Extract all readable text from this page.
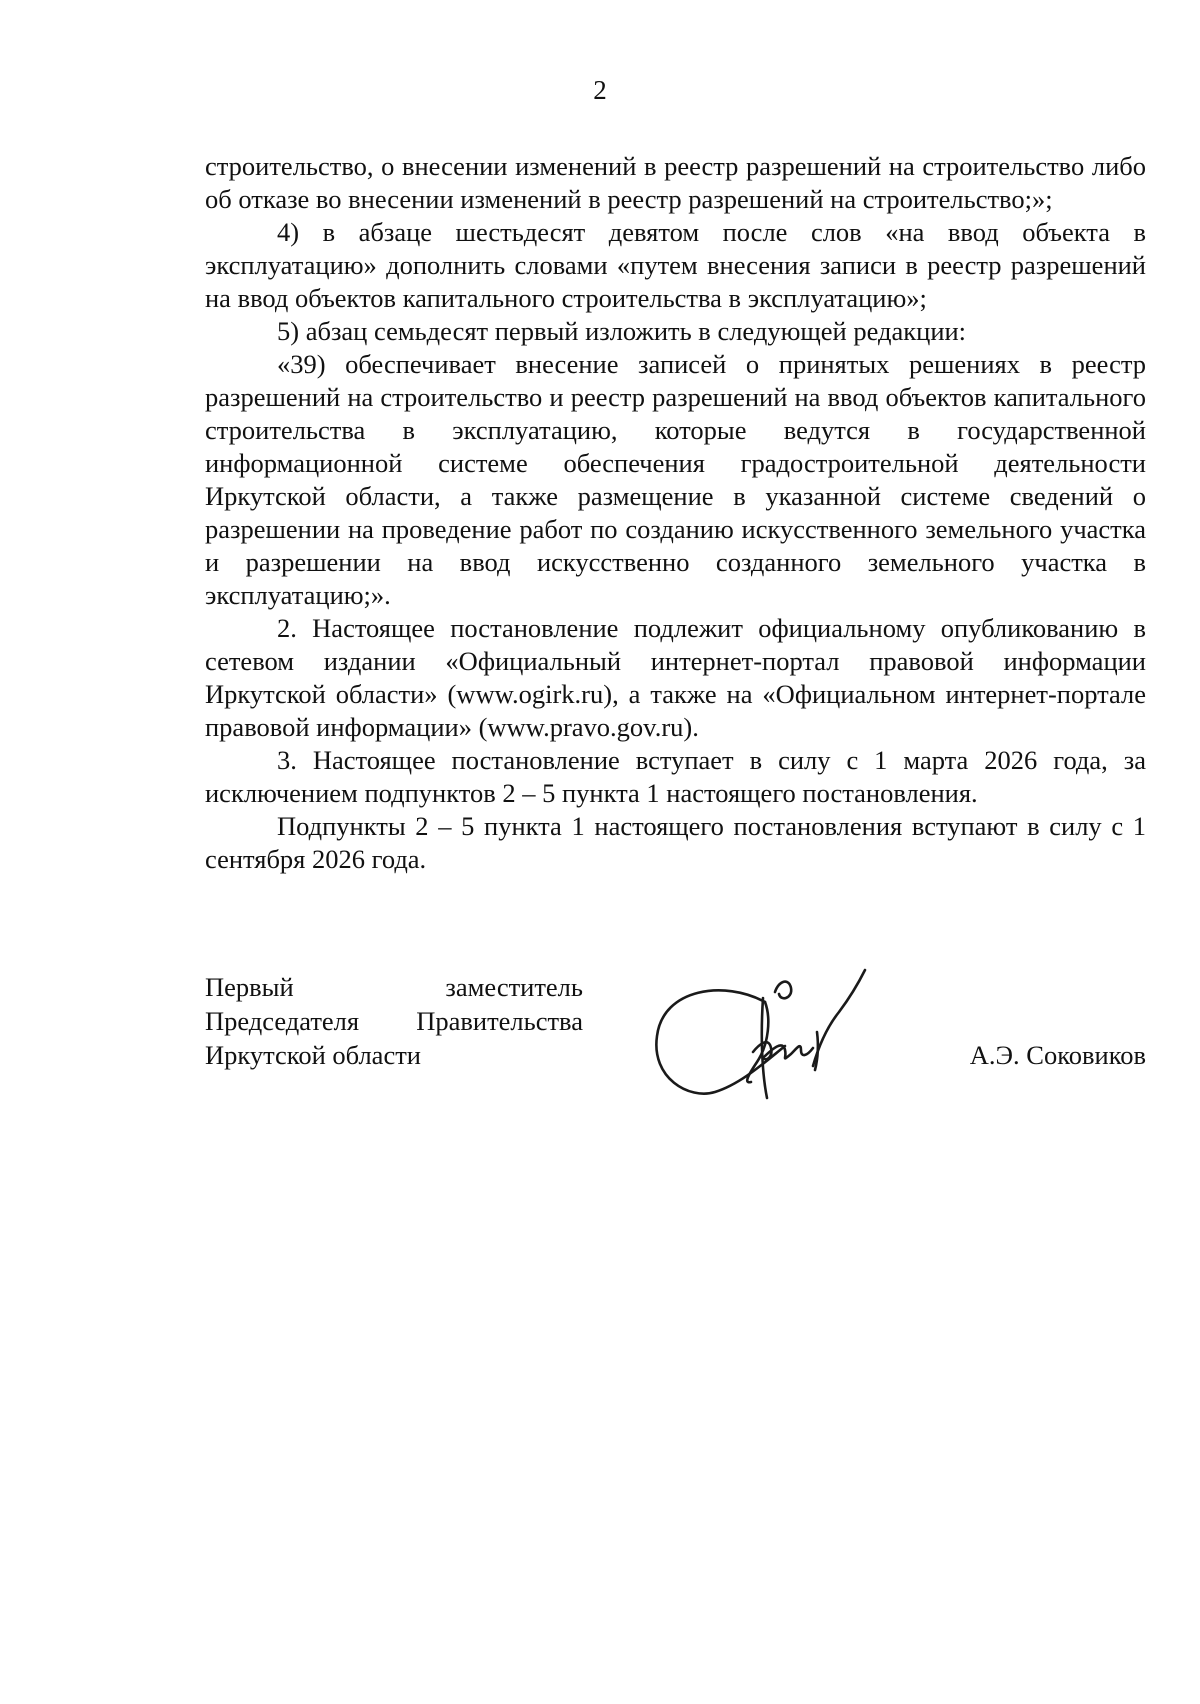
2

строительство, о внесении изменений в реестр разрешений на строительство либо об отказе во внесении изменений в реестр разрешений на строительство;»;

4) в абзаце шестьдесят девятом после слов «на ввод объекта в эксплуатацию» дополнить словами «путем внесения записи в реестр разрешений на ввод объектов капитального строительства в эксплуатацию»;

5) абзац семьдесят первый изложить в следующей редакции:

«39) обеспечивает внесение записей о принятых решениях в реестр разрешений на строительство и реестр разрешений на ввод объектов капитального строительства в эксплуатацию, которые ведутся в государственной информационной системе обеспечения градостроительной деятельности Иркутской области, а также размещение в указанной системе сведений о разрешении на проведение работ по созданию искусственного земельного участка и разрешении на ввод искусственно созданного земельного участка в эксплуатацию;».

2. Настоящее постановление подлежит официальному опубликованию в сетевом издании «Официальный интернет-портал правовой информации Иркутской области» (www.ogirk.ru), а также на «Официальном интернет-портале правовой информации» (www.pravo.gov.ru).

3. Настоящее постановление вступает в силу с 1 марта 2026 года, за исключением подпунктов 2 – 5 пункта 1 настоящего постановления.

Подпункты 2 – 5 пункта 1 настоящего постановления вступают в силу с 1 сентября 2026 года.

Первый заместитель
Председателя Правительства
Иркутской области	А.Э. Соковиков
